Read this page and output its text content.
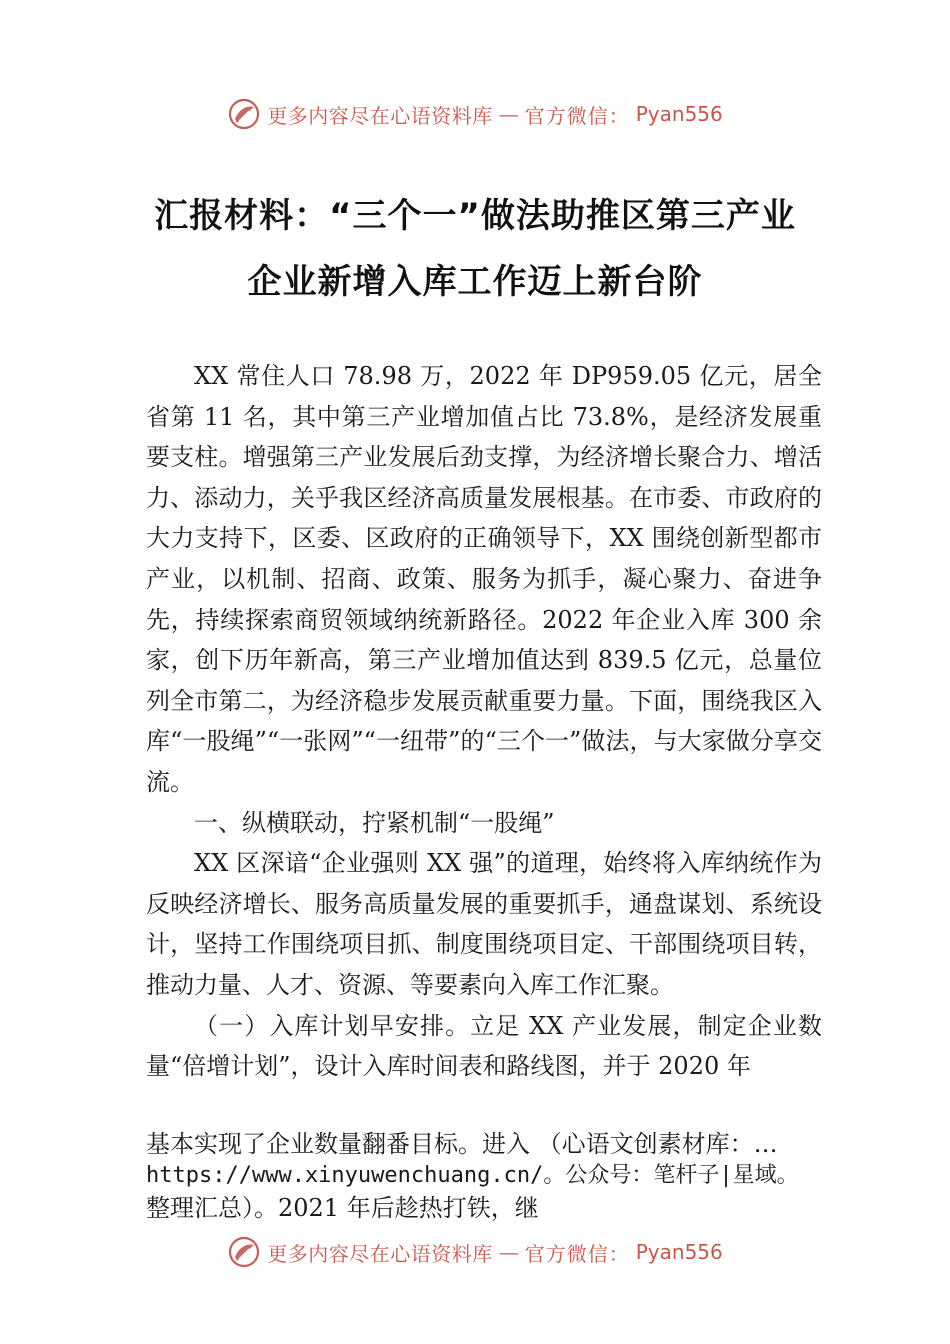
更多内容尽在心语资料库 — 官方微信： Pyan556
汇报材料：“三个一”做法助推区第三产业
企业新增入库工作迈上新台阶

XX 常住人口 78.98 万，2022 年 DP959.05 亿元，居全省第 11 名，其中第三产业增加值占比 73.8%，是经济发展重要支柱。增强第三产业发展后劲支撑，为经济增长聚合力、增活力、添动力，关乎我区经济高质量发展根基。在市委、市政府的大力支持下，区委、区政府的正确领导下，XX 围绕创新型都市产业，以机制、招商、政策、服务为抓手，凝心聚力、奋进争先，持续探索商贸领域纳统新路径。2022 年企业入库 300 余家，创下历年新高，第三产业增加值达到 839.5 亿元，总量位列全市第二，为经济稳步发展贡献重要力量。下面，围绕我区入库“一股绳”“一张网”“一纽带”的“三个一”做法，与大家做分享交流。

一、纵横联动，拧紧机制“一股绳”

XX 区深谙“企业强则 XX 强”的道理，始终将入库纳统作为反映经济增长、服务高质量发展的重要抓手，通盘谋划、系统设计，坚持工作围绕项目抓、制度围绕项目定、干部围绕项目转，推动力量、人才、资源、等要素向入库工作汇聚。

（一）入库计划早安排。立足 XX 产业发展，制定企业数量“倍增计划”，设计入库时间表和路线图，并于 2020 年

基本实现了企业数量翻番目标。进入 （心语文创素材库：…
https://www.xinyuwenchuang.cn/。公众号：笔杆子|星域。
整理汇总）。2021 年后趁热打铁，继
更多内容尽在心语资料库 — 官方微信： Pyan556
